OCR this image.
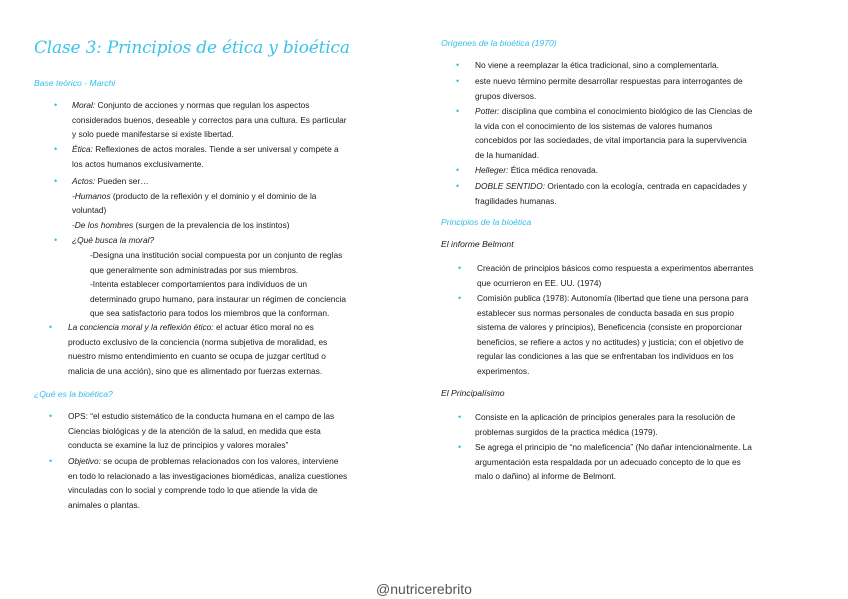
Clase 3: Principios de ética y bioética
Base teórico - Marchi
• Moral: Conjunto de acciones y normas que regulan los aspectos

considerados buenos, deseable y correctos para una cultura. Es particular

y solo puede manifestarse si existe libertad.

• Ética: Reflexiones de actos morales. Tiende a ser universal y compete a

los actos humanos exclusivamente.

• Actos: Pueden ser…

-Humanos (producto de la reflexión y el dominio y el dominio de la

voluntad)

-De los hombres (surgen de la prevalencia de los instintos)

• ¿Qué busca la moral?

-Designa una institución social compuesta por un conjunto de reglas

que generalmente son administradas por sus miembros.

-Intenta establecer comportamientos para individuos de un

determinado grupo humano, para instaurar un régimen de conciencia

que sea satisfactorio para todos los miembros que la conforman.

• La conciencia moral y la reflexión ético: el actuar ético moral no es

producto exclusivo de la conciencia (norma subjetiva de moralidad, es

nuestro mismo entendimiento en cuanto se ocupa de juzgar certitud o

malicia de una acción), sino que es alimentado por fuerzas externas.

¿Qué es la bioética?
• OPS: “el estudio sistemático de la conducta humana en el campo de las

Ciencias biológicas y de la atención de la salud, en medida que esta

conducta se examine la luz de principios y valores morales”

• Objetivo: se ocupa de problemas relacionados con los valores, interviene

en todo lo relacionado a las investigaciones biomédicas, analiza cuestiones

vinculadas con lo social y comprende todo lo que atiende la vida de

animales o plantas.

Orígenes de la bioética (1970)
• No viene a reemplazar la ética tradicional, sino a complementarla.

• este nuevo término permite desarrollar respuestas para interrogantes de

grupos diversos.

• Potter: disciplina que combina el conocimiento biológico de las Ciencias de

la vida con el conocimiento de los sistemas de valores humanos

concebidos por las sociedades, de vital importancia para la supervivencia

de la humanidad.

• Helleger: Ética médica renovada.

• DOBLE SENTIDO: Orientado con la ecología, centrada en capacidades y

fragilidades humanas.

Principios de la bioética
El informe Belmont
• Creación de principios básicos como respuesta a experimentos aberrantes

que ocurrieron en EE. UU. (1974)

• Comisión publica (1978): Autonomía (libertad que tiene una persona para

establecer sus normas personales de conducta basada en sus propio

sistema de valores y principios), Beneficencia (consiste en proporcionar

beneficios, se refiere a actos y no actitudes) y justicia; con el objetivo de

regular las condiciones a las que se enfrentaban los individuos en los

experimentos.

El Principalísimo
• Consiste en la aplicación de principios generales para la resolución de

problemas surgidos de la practica médica (1979).

• Se agrega el principio de “no maleficencia” (No dañar intencionalmente. La

argumentación esta respaldada por un adecuado concepto de lo que es

malo o dañino) al informe de Belmont.

@nutricerebrito
